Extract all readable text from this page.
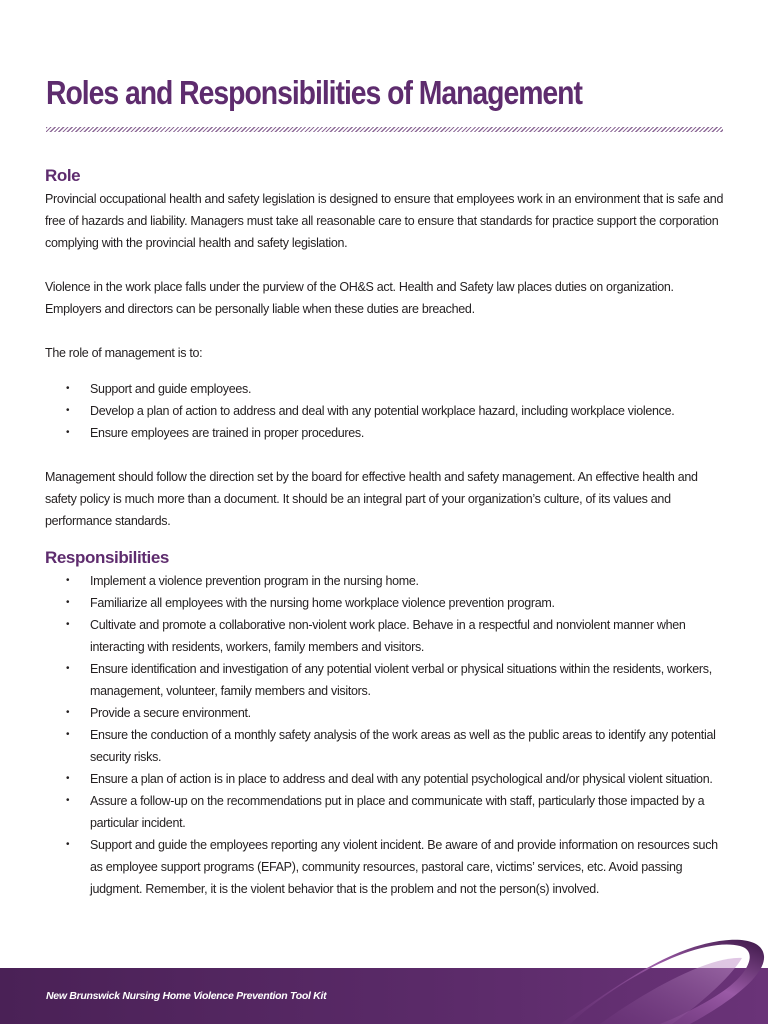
Roles and Responsibilities of Management
Role

Provincial occupational health and safety legislation is designed to ensure that employees work in an environment that is safe and free of hazards and liability. Managers must take all reasonable care to ensure that standards for practice support the corporation complying with the provincial health and safety legislation.

Violence in the work place falls under the purview of the OH&S act. Health and Safety law places duties on organization. Employers and directors can be personally liable when these duties are breached.

The role of management is to:

• Support and guide employees.
• Develop a plan of action to address and deal with any potential workplace hazard, including workplace violence.
• Ensure employees are trained in proper procedures.

Management should follow the direction set by the board for effective health and safety management. An effective health and safety policy is much more than a document. It should be an integral part of your organization’s culture, of its values and performance standards.

Responsibilities
• Implement a violence prevention program in the nursing home.
• Familiarize all employees with the nursing home workplace violence prevention program.
• Cultivate and promote a collaborative non-violent work place. Behave in a respectful and nonviolent manner when interacting with residents, workers, family members and visitors.
• Ensure identification and investigation of any potential violent verbal or physical situations within the residents, workers, management, volunteer, family members and visitors.
• Provide a secure environment.
• Ensure the conduction of a monthly safety analysis of the work areas as well as the public areas to identify any potential security risks.
• Ensure a plan of action is in place to address and deal with any potential psychological and/or physical violent situation.
• Assure a follow-up on the recommendations put in place and communicate with staff, particularly those impacted by a particular incident.
• Support and guide the employees reporting any violent incident. Be aware of and provide information on resources such as employee support programs (EFAP), community resources, pastoral care, victims’ services, etc. Avoid passing judgment. Remember, it is the violent behavior that is the problem and not the person(s) involved.
New Brunswick Nursing Home Violence Prevention Tool Kit
